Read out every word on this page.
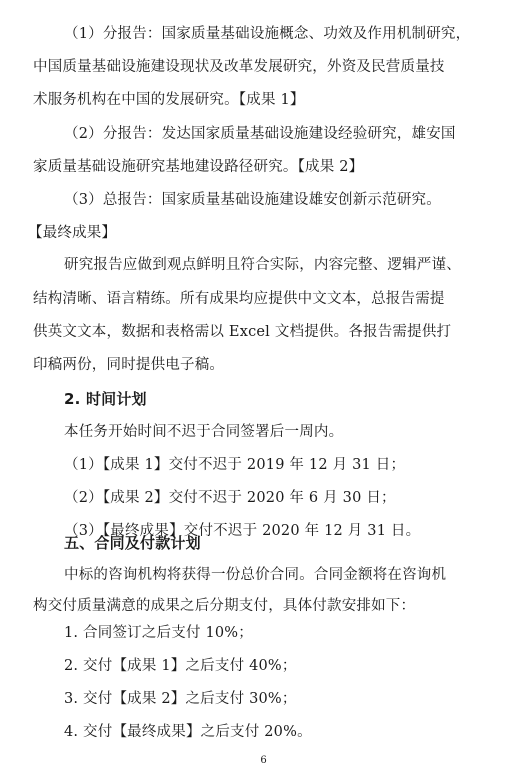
（1）分报告：国家质量基础设施概念、功效及作用机制研究，
中国质量基础设施建设现状及改革发展研究，外资及民营质量技
术服务机构在中国的发展研究。【成果 1】
（2）分报告：发达国家质量基础设施建设经验研究，雄安国
家质量基础设施研究基地建设路径研究。【成果 2】
（3）总报告：国家质量基础设施建设雄安创新示范研究。
【最终成果】
研究报告应做到观点鲜明且符合实际，内容完整、逻辑严谨、
结构清晰、语言精练。所有成果均应提供中文文本，总报告需提
供英文文本，数据和表格需以 Excel 文档提供。各报告需提供打
印稿两份，同时提供电子稿。
2. 时间计划
本任务开始时间不迟于合同签署后一周内。
（1）【成果 1】交付不迟于 2019 年 12 月 31 日；
（2）【成果 2】交付不迟于 2020 年 6 月 30 日；
（3）【最终成果】交付不迟于 2020 年 12 月 31 日。
五、合同及付款计划
中标的咨询机构将获得一份总价合同。合同金额将在咨询机
构交付质量满意的成果之后分期支付，具体付款安排如下：
1. 合同签订之后支付 10%；
2. 交付【成果 1】之后支付 40%；
3. 交付【成果 2】之后支付 30%；
6
4. 交付【最终成果】之后支付 20%。
